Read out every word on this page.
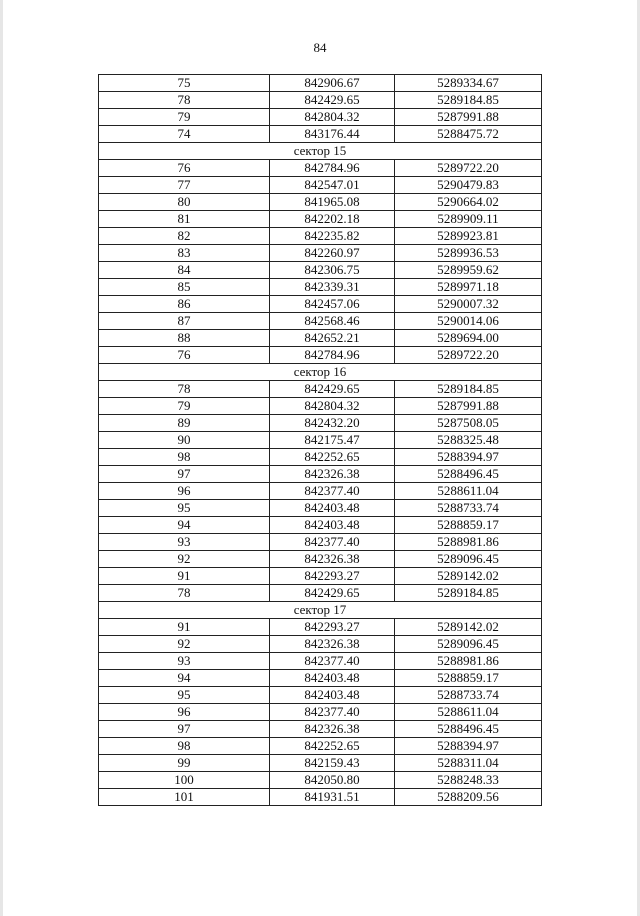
84
75	842906.67	5289334.67
78	842429.65	5289184.85
79	842804.32	5287991.88
74	843176.44	5288475.72
сектор 15		
76	842784.96	5289722.20
77	842547.01	5290479.83
80	841965.08	5290664.02
81	842202.18	5289909.11
82	842235.82	5289923.81
83	842260.97	5289936.53
84	842306.75	5289959.62
85	842339.31	5289971.18
86	842457.06	5290007.32
87	842568.46	5290014.06
88	842652.21	5289694.00
76	842784.96	5289722.20
сектор 16		
78	842429.65	5289184.85
79	842804.32	5287991.88
89	842432.20	5287508.05
90	842175.47	5288325.48
98	842252.65	5288394.97
97	842326.38	5288496.45
96	842377.40	5288611.04
95	842403.48	5288733.74
94	842403.48	5288859.17
93	842377.40	5288981.86
92	842326.38	5289096.45
91	842293.27	5289142.02
78	842429.65	5289184.85
сектор 17		
91	842293.27	5289142.02
92	842326.38	5289096.45
93	842377.40	5288981.86
94	842403.48	5288859.17
95	842403.48	5288733.74
96	842377.40	5288611.04
97	842326.38	5288496.45
98	842252.65	5288394.97
99	842159.43	5288311.04
100	842050.80	5288248.33
101	841931.51	5288209.56
